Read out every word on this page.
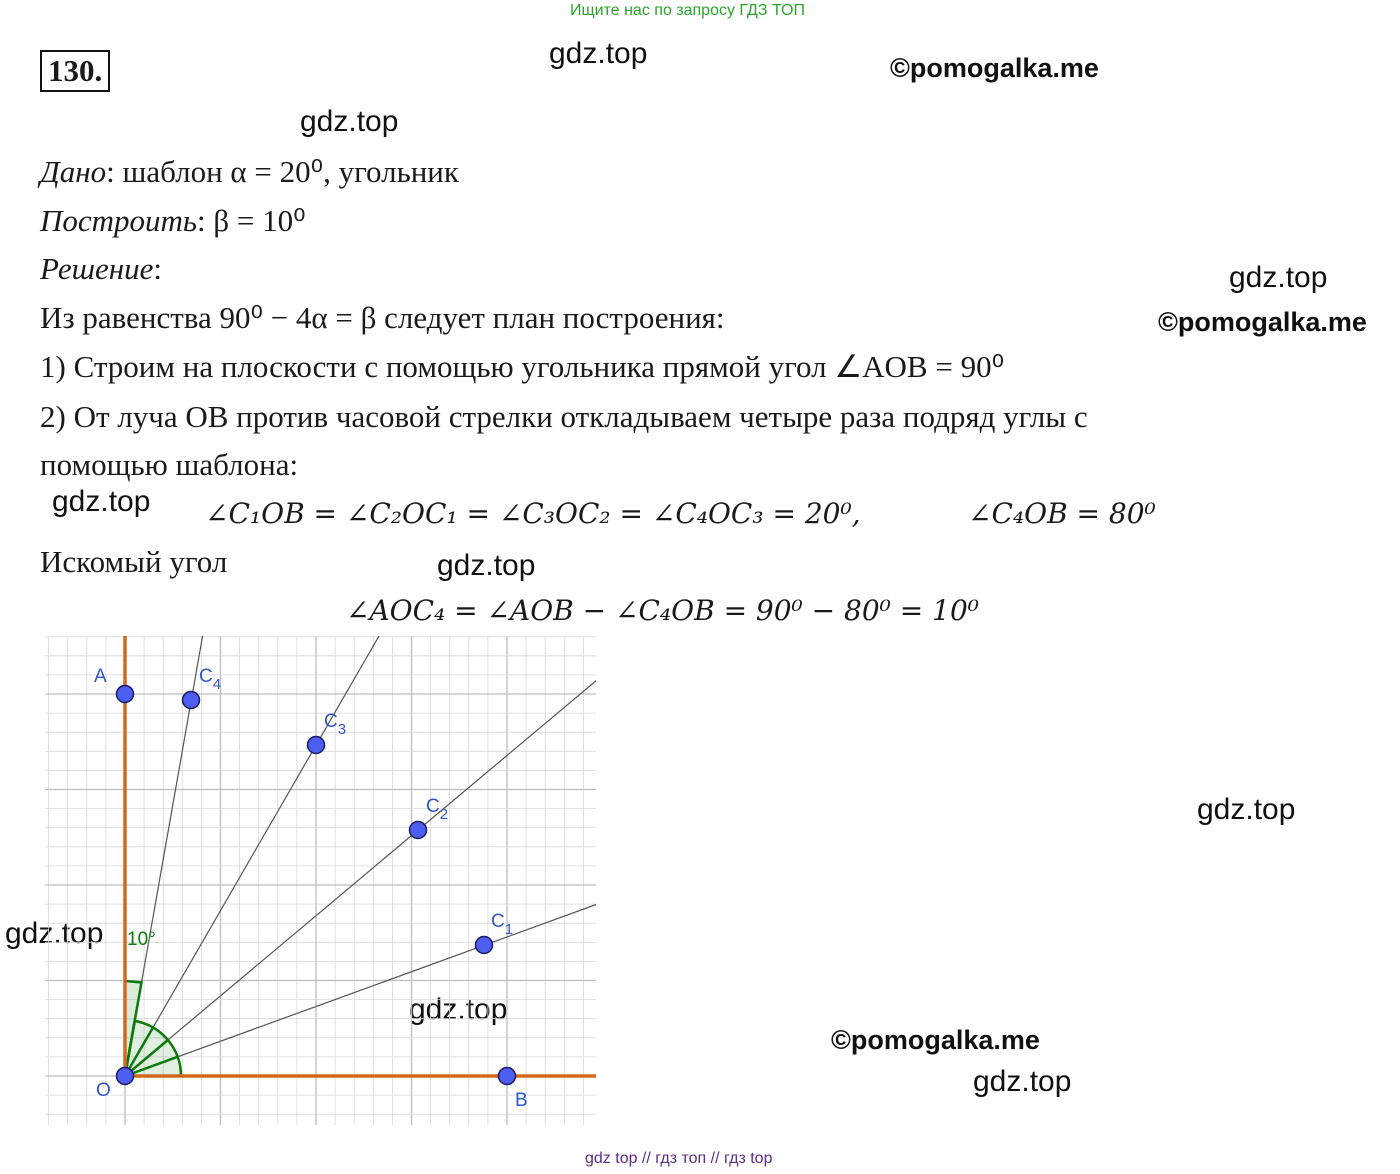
Ищите нас по запросу ГДЗ ТОП
130.	gdz.top	©pomogalka.me
gdz.top
gdz.top
©pomogalka.me
gdz.top
gdz.top
gdz.top
gdz.top
gdz.top
©pomogalka.me
gdz.top
Дано: шаблон α = 20⁰, угольник
Построить: β = 10⁰
Решение:
Из равенства 90⁰ − 4α = β следует план построения:
1) Строим на плоскости с помощью угольника прямой угол ∠AOB = 90⁰
2) От луча OB против часовой стрелки откладываем четыре раза подряд углы с
помощью шаблона:
∠C₁OB = ∠C₂OC₁ = ∠C₃OC₂ = ∠C₄OC₃ = 20⁰,	∠C₄OB = 80⁰
Искомый угол
∠AOC₄ = ∠AOB − ∠C₄OB = 90⁰ − 80⁰ = 10⁰
10°
A
O	B
$C_1$
$C_2$
$C_3$
$C_4$
gdz top // гдз топ // гдз top
